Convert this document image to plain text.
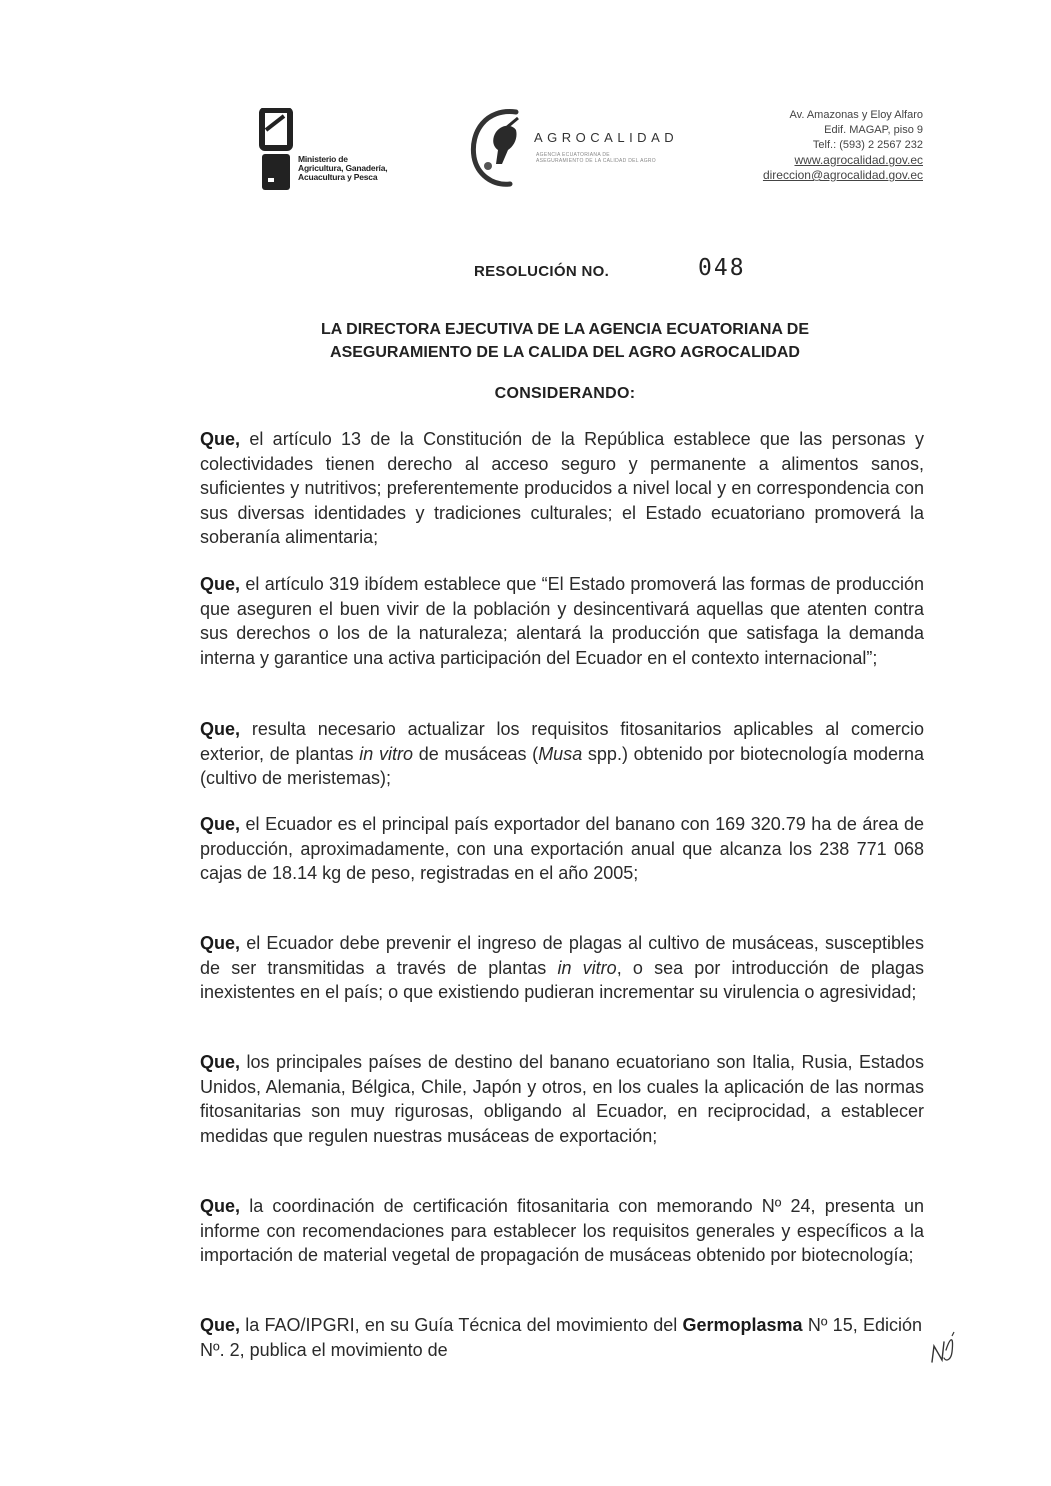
Ministerio de
Agricultura, Ganadería,
Acuacultura y Pesca
AGROCALIDAD
AGENCIA ECUATORIANA DE
ASEGURAMIENTO DE LA CALIDAD DEL AGRO
Av. Amazonas y Eloy Alfaro
Edif. MAGAP, piso 9
Telf.: (593) 2 2567 232
www.agrocalidad.gov.ec
direccion@agrocalidad.gov.ec
RESOLUCIÓN NO.	048
LA DIRECTORA EJECUTIVA DE LA AGENCIA ECUATORIANA DE
ASEGURAMIENTO DE LA CALIDA DEL AGRO AGROCALIDAD
CONSIDERANDO:
Que, el artículo 13 de la Constitución de la República establece que las personas y colectividades tienen derecho al acceso seguro y permanente a alimentos sanos, suficientes y nutritivos; preferentemente producidos a nivel local y en correspondencia con sus diversas identidades y tradiciones culturales; el Estado ecuatoriano promoverá la soberanía alimentaria;
Que, el artículo 319 ibídem establece que “El Estado promoverá las formas de producción que aseguren el buen vivir de la población y desincentivará aquellas que atenten contra sus derechos o los de la naturaleza; alentará la producción que satisfaga la demanda interna y garantice una activa participación del Ecuador en el contexto internacional”;
Que, resulta necesario actualizar los requisitos fitosanitarios aplicables al comercio exterior, de plantas in vitro de musáceas (Musa spp.) obtenido por biotecnología moderna (cultivo de meristemas);
Que, el Ecuador es el principal país exportador del banano con 169 320.79 ha de área de producción, aproximadamente, con una exportación anual que alcanza los 238 771 068 cajas de 18.14 kg de peso, registradas en el año 2005;
Que, el Ecuador debe prevenir el ingreso de plagas al cultivo de musáceas, susceptibles de ser transmitidas a través de plantas in vitro, o sea por introducción de plagas inexistentes en el país; o que existiendo pudieran incrementar su virulencia o agresividad;
Que, los principales países de destino del banano ecuatoriano son Italia, Rusia, Estados Unidos, Alemania, Bélgica, Chile, Japón y otros, en los cuales la aplicación de las normas fitosanitarias son muy rigurosas, obligando al Ecuador, en reciprocidad, a establecer medidas que regulen nuestras musáceas de exportación;
Que, la coordinación de certificación fitosanitaria con memorando Nº 24, presenta un informe con recomendaciones para establecer los requisitos generales y específicos a la importación de material vegetal de propagación de musáceas obtenido por biotecnología;
Que, la FAO/IPGRI, en su Guía Técnica del movimiento del Germoplasma Nº 15, Edición Nº. 2, publica el movimiento de
